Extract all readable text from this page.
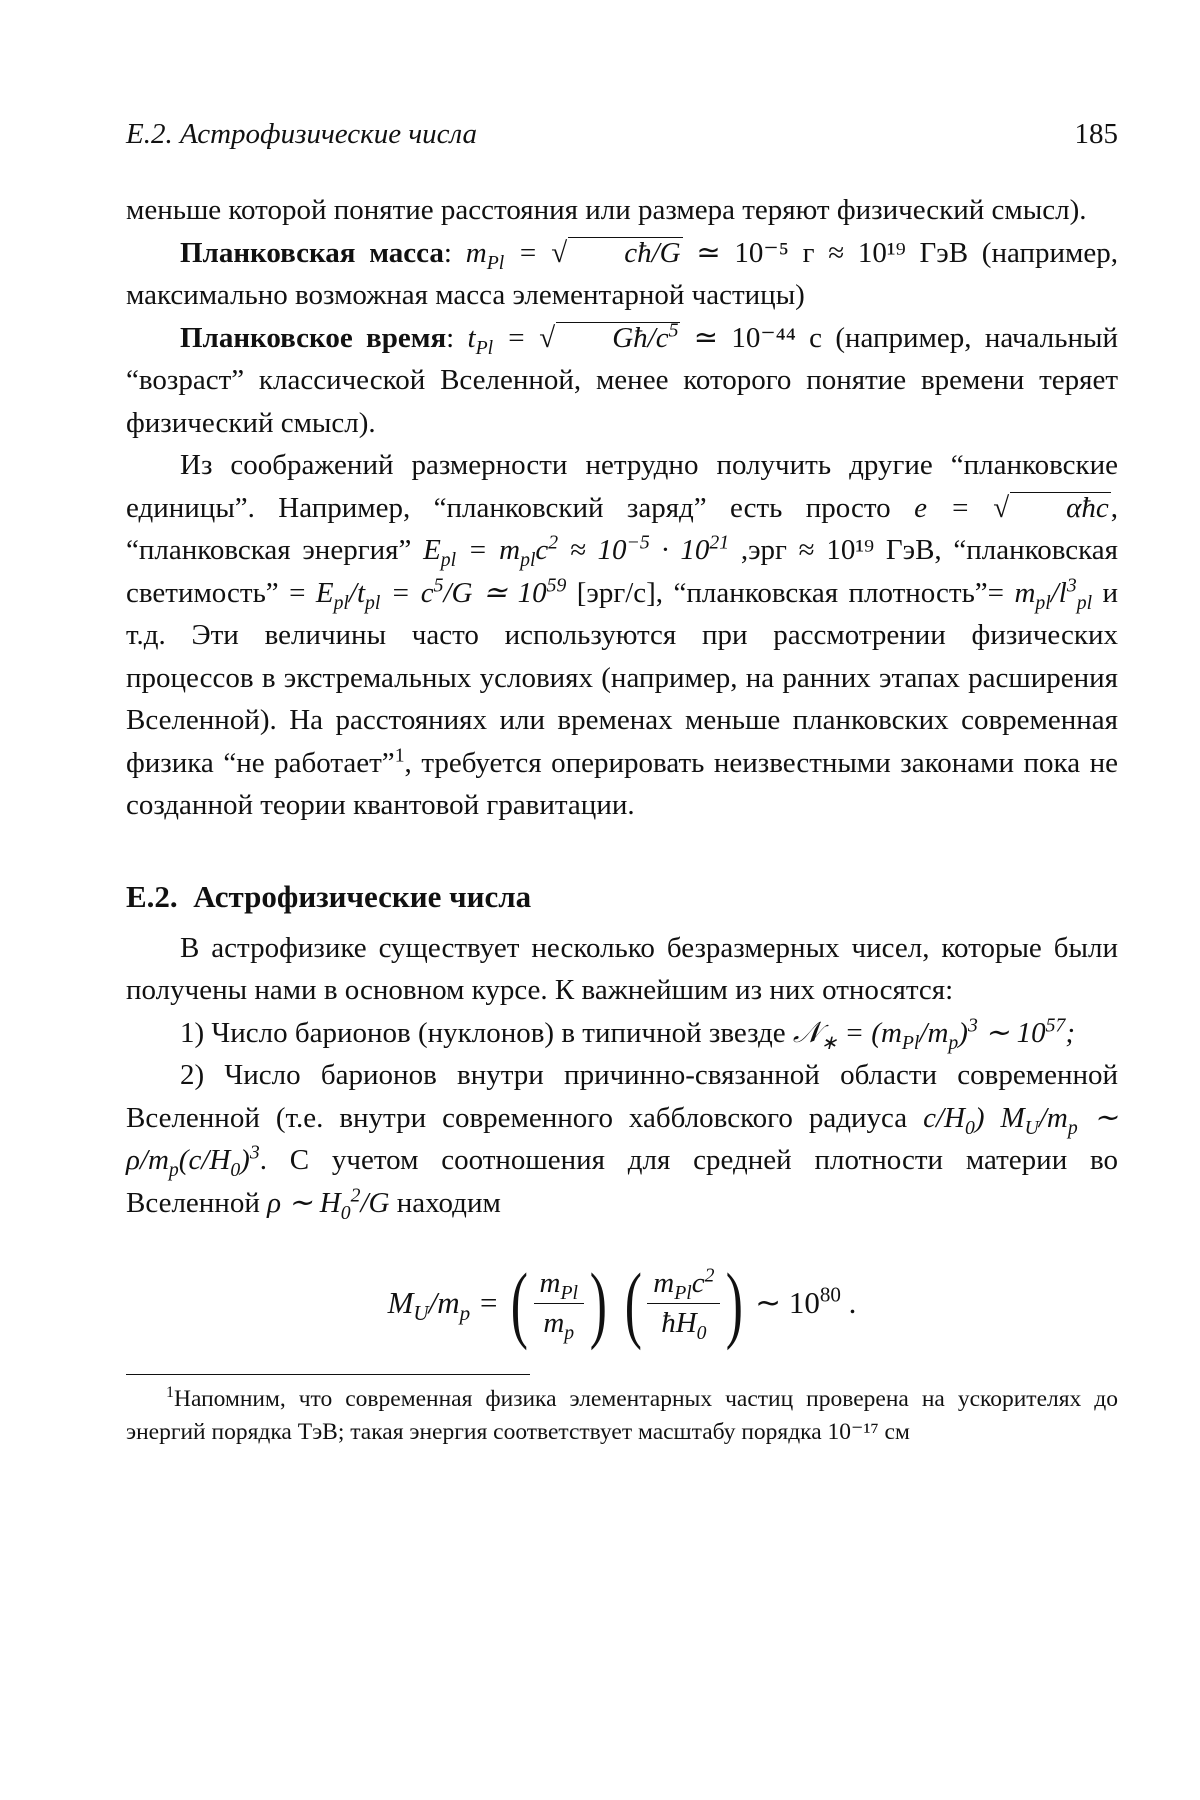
E.2. Астрофизические числа	185

меньше которой понятие расстояния или размера теряют физический смысл).

Планковская масса: $m_{Pl}$ = √ cħ/G ≃ 10⁻⁵ г ≈ 10¹⁹ ГэВ (например, максимально возможная масса элементарной частицы)

Планковское время: $t_{Pl}$ = √ $Għ/c^5$ ≃ 10⁻⁴⁴ с (например, начальный “возраст” классической Вселенной, менее которого понятие времени теряет физический смысл).

Из соображений размерности нетрудно получить другие “планковские единицы”. Например, “планковский заряд” есть просто e = √ αħc, “планковская энергия” $E_{pl} = m_{pl}c^2 \approx 10^{-5} \cdot 10^{21}$ ,эрг ≈ 10¹⁹ ГэВ, “планковская светимость” = $E_{pl}/t_{pl} = c^5/G$ ≃ $10^{59}$ [эрг/с], “планковская плотность”= $m_{pl}/l^3_{pl}$ и т.д. Эти величины часто используются при рассмотрении физических процессов в экстремальных условиях (например, на ранних этапах расширения Вселенной). На расстояниях или временах меньше планковских современная физика “не работает”$^1$, требуется оперировать неизвестными законами пока не созданной теории квантовой гравитации.

E.2. Астрофизические числа

В астрофизике существует несколько безразмерных чисел, которые были получены нами в основном курсе. К важнейшим из них относятся:

1) Число барионов (нуклонов) в типичной звезде 𝒩$_∗$ = $(m_{Pl}/m_p)^3$ ∼ $10^{57}$;

2) Число барионов внутри причинно-связанной области современной Вселенной (т.е. внутри современного хаббловского радиуса $c/H_0$) $M_U/m_p$ ∼ $\rho/m_p(c/H_0)^3$. С учетом соотношения для средней плотности материи во Вселенной ρ ∼ $H_0^2/G$ находим

$M_U/m_p$ = ( $\frac{m_{Pl}}{m_p}$ ) ( $\frac{m_{Pl}c^2}{ħH_0}$ ) ∼ $10^{80}$ .

$^1$Напомним, что современная физика элементарных частиц проверена на ускорителях до энергий порядка ТэВ; такая энергия соответствует масштабу порядка 10⁻¹⁷ см
